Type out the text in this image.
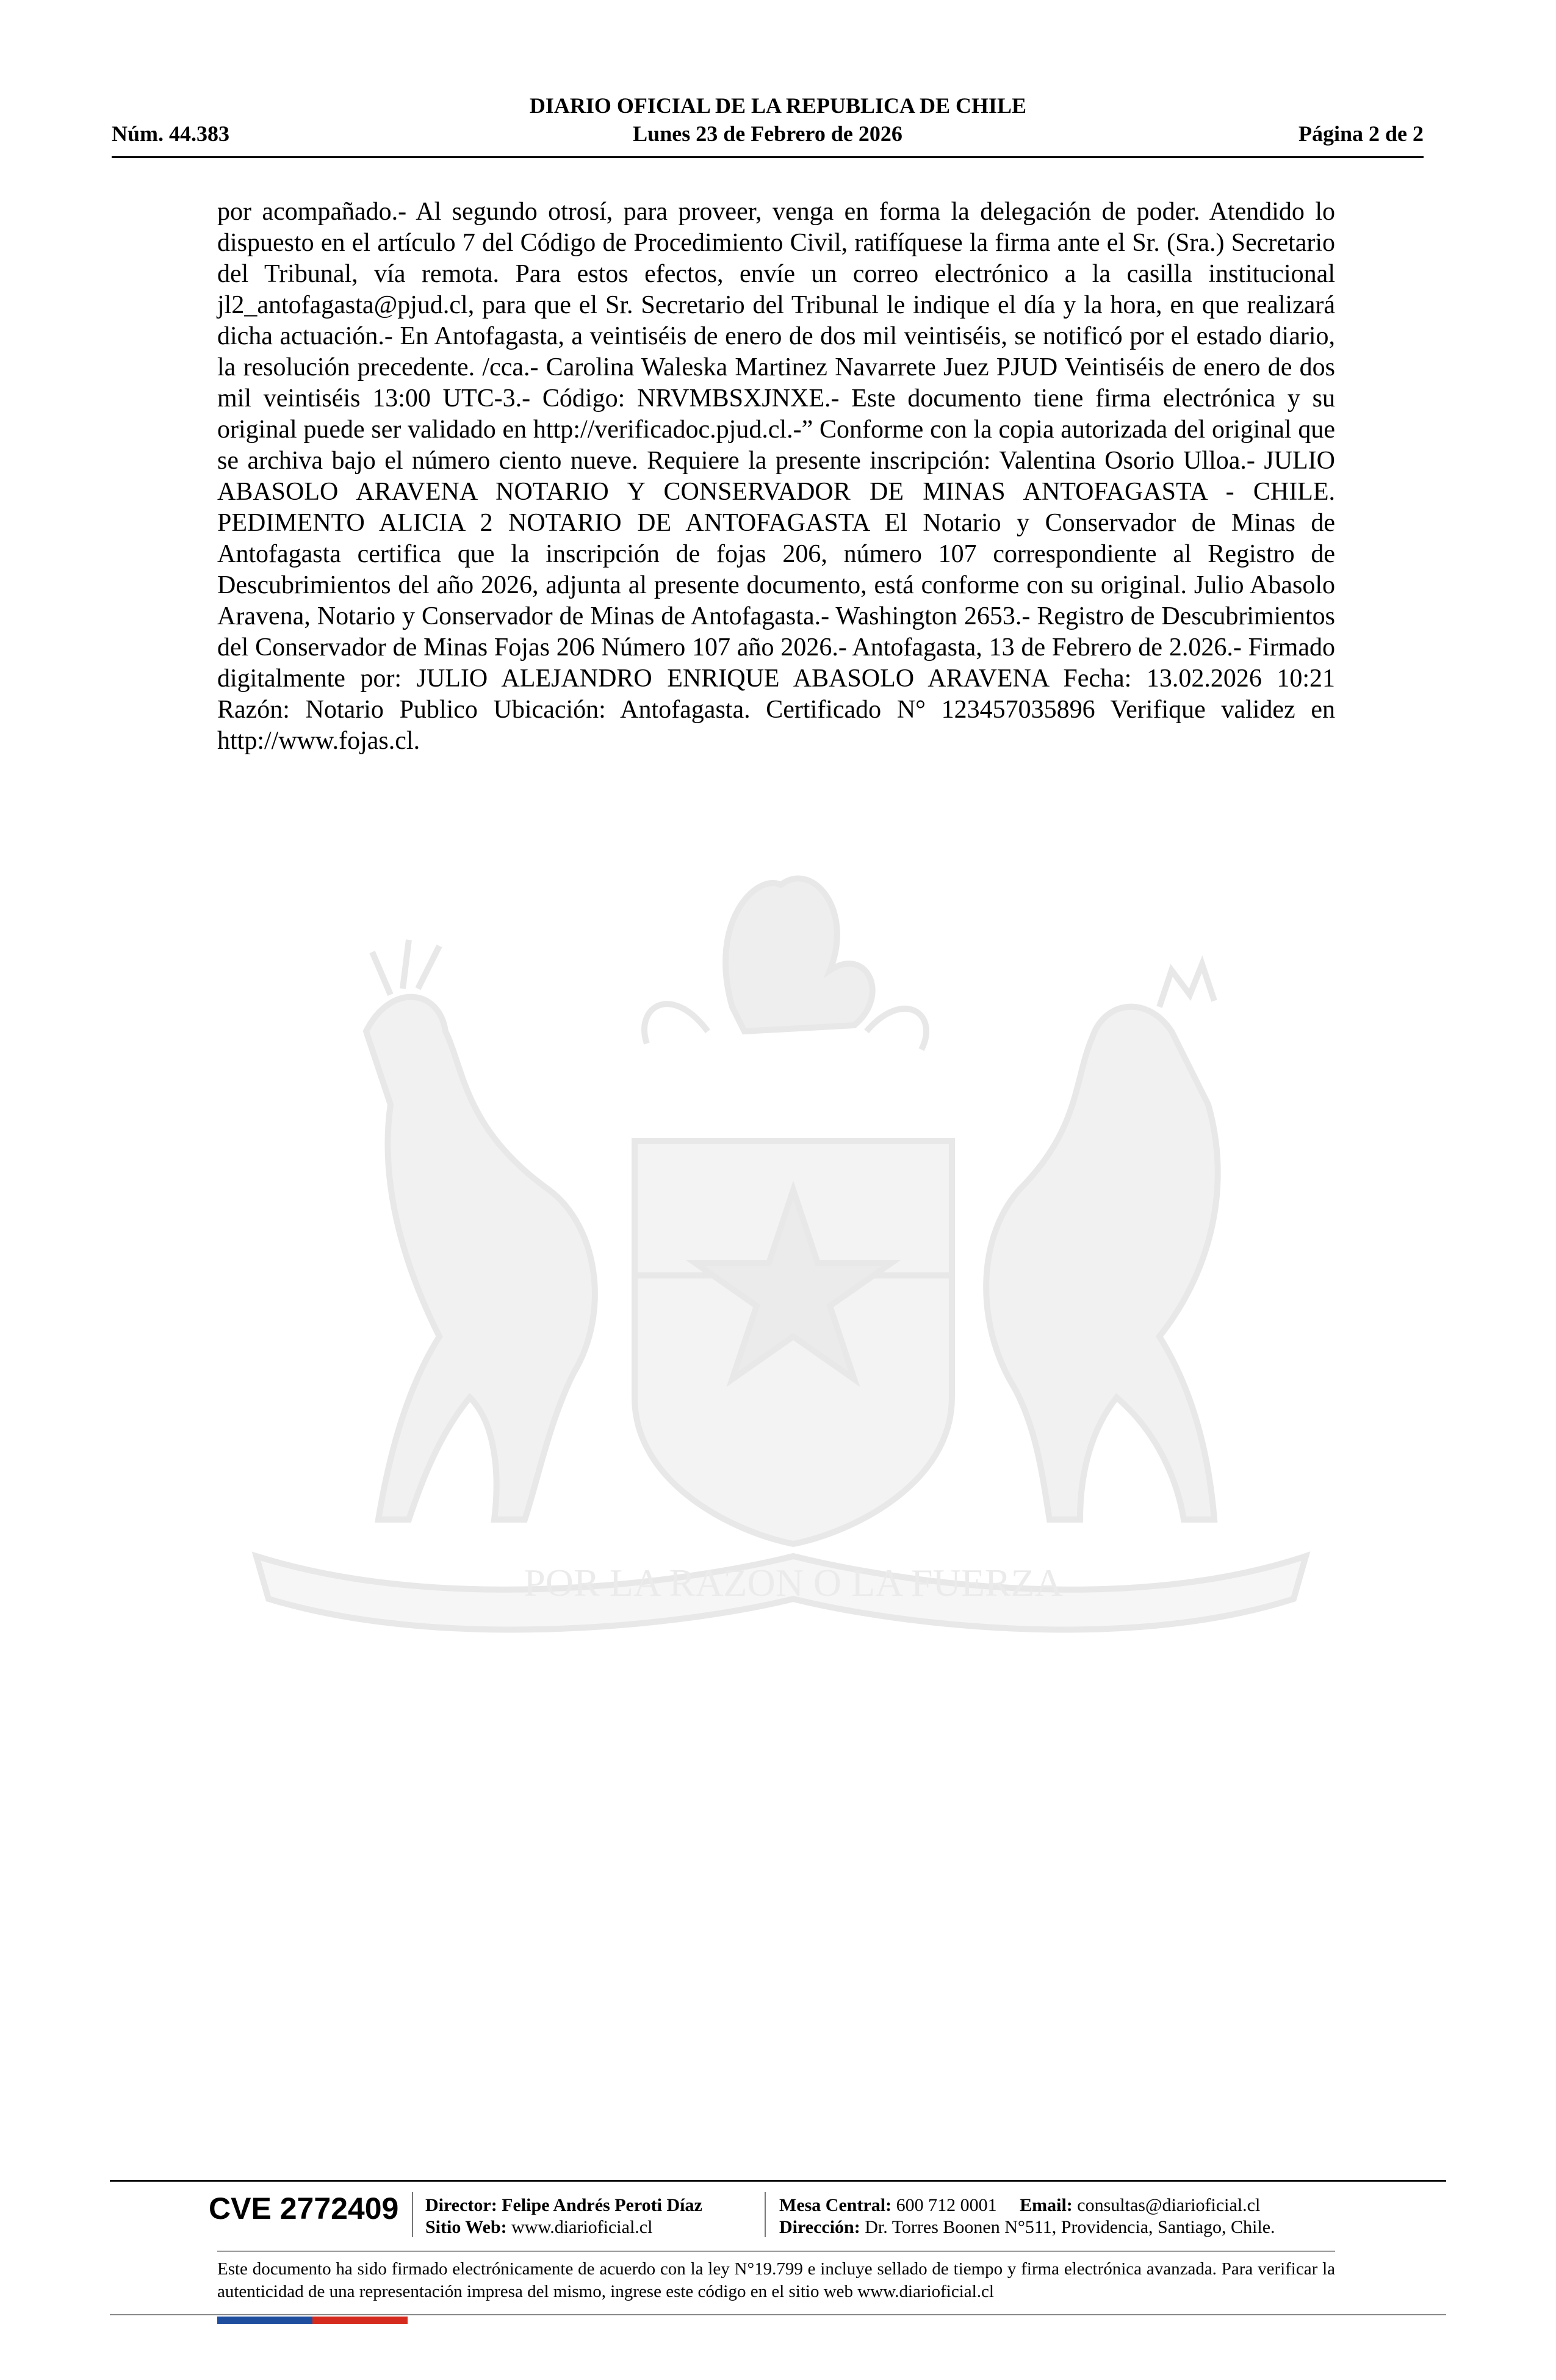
DIARIO OFICIAL DE LA REPUBLICA DE CHILE
Núm. 44.383	Lunes 23 de Febrero de 2026	Página 2 de 2
por acompañado.- Al segundo otrosí, para proveer, venga en forma la delegación de poder. Atendido lo dispuesto en el artículo 7 del Código de Procedimiento Civil, ratifíquese la firma ante el Sr. (Sra.) Secretario del Tribunal, vía remota. Para estos efectos, envíe un correo electrónico a la casilla institucional jl2_antofagasta@pjud.cl, para que el Sr. Secretario del Tribunal le indique el día y la hora, en que realizará dicha actuación.- En Antofagasta, a veintiséis de enero de dos mil veintiséis, se notificó por el estado diario, la resolución precedente. /cca.- Carolina Waleska Martinez Navarrete Juez PJUD Veintiséis de enero de dos mil veintiséis 13:00 UTC-3.- Código: NRVMBSXJNXE.- Este documento tiene firma electrónica y su original puede ser validado en http://verificadoc.pjud.cl.-” Conforme con la copia autorizada del original que se archiva bajo el número ciento nueve. Requiere la presente inscripción: Valentina Osorio Ulloa.- JULIO ABASOLO ARAVENA NOTARIO Y CONSERVADOR DE MINAS ANTOFAGASTA - CHILE. PEDIMENTO ALICIA 2 NOTARIO DE ANTOFAGASTA El Notario y Conservador de Minas de Antofagasta certifica que la inscripción de fojas 206, número 107 correspondiente al Registro de Descubrimientos del año 2026, adjunta al presente documento, está conforme con su original. Julio Abasolo Aravena, Notario y Conservador de Minas de Antofagasta.- Washington 2653.- Registro de Descubrimientos del Conservador de Minas Fojas 206 Número 107 año 2026.- Antofagasta, 13 de Febrero de 2.026.- Firmado digitalmente por: JULIO ALEJANDRO ENRIQUE ABASOLO ARAVENA Fecha: 13.02.2026 10:21 Razón: Notario Publico Ubicación: Antofagasta. Certificado N° 123457035896 Verifique validez en http://www.fojas.cl.
POR LA RAZON O LA FUERZA
CVE 2772409 Director: Felipe Andrés Peroti Díaz
Sitio Web: www.diarioficial.cl
Mesa Central: 600 712 0001 Email: consultas@diarioficial.cl
Dirección: Dr. Torres Boonen N°511, Providencia, Santiago, Chile.
Este documento ha sido firmado electrónicamente de acuerdo con la ley N°19.799 e incluye sellado de tiempo y firma electrónica avanzada. Para verificar la autenticidad de una representación impresa del mismo, ingrese este código en el sitio web www.diarioficial.cl
